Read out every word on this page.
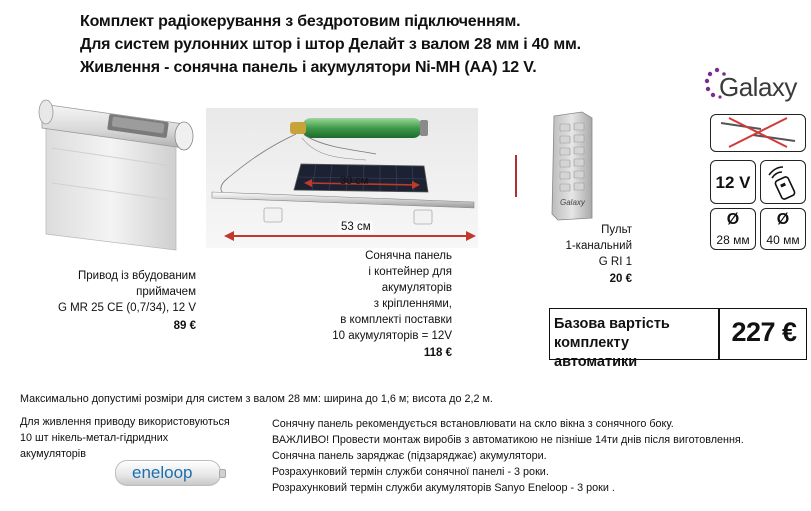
Комплект радіокерування з бездротовим підключенням.
Для систем рулонних штор і штор Делайт з валом 28 мм і 40 мм.
Живлення - сонячна панель і акумулятори Ni-MH (AA) 12 V.
Galaxy
Привод із вбудованим
приймачем
G MR 25 CE (0,7/34), 12 V
89 €
30 см
53 см
Сонячна панель
і контейнер для
акумуляторів
з кріпленнями,
в комплекті поставки
10 акумуляторів = 12V
118 €
Galaxy
Пульт
1-канальний
G RI 1
20 €
12 V
Ø
28 мм
Ø
40 мм
Базова вартість
комплекту автоматики
227 €
Максимально допустимі розміри для систем з валом 28 мм: ширина до 1,6 м; висота до 2,2 м.
Для живлення приводу використовуються
10 шт нікель-метал-гідридних
акумуляторів
eneloop
Сонячну панель рекомендується встановлювати на скло вікна з сонячного боку.
ВАЖЛИВО! Провести монтаж виробів з автоматикою не пізніше 14ти днів після виготовлення.
Сонячна панель заряджає (підзаряджає) акумулятори.
Розрахунковий термін служби сонячної панелі - 3 роки.
Розрахунковий термін служби акумуляторів Sanyo Eneloop - 3 роки .
